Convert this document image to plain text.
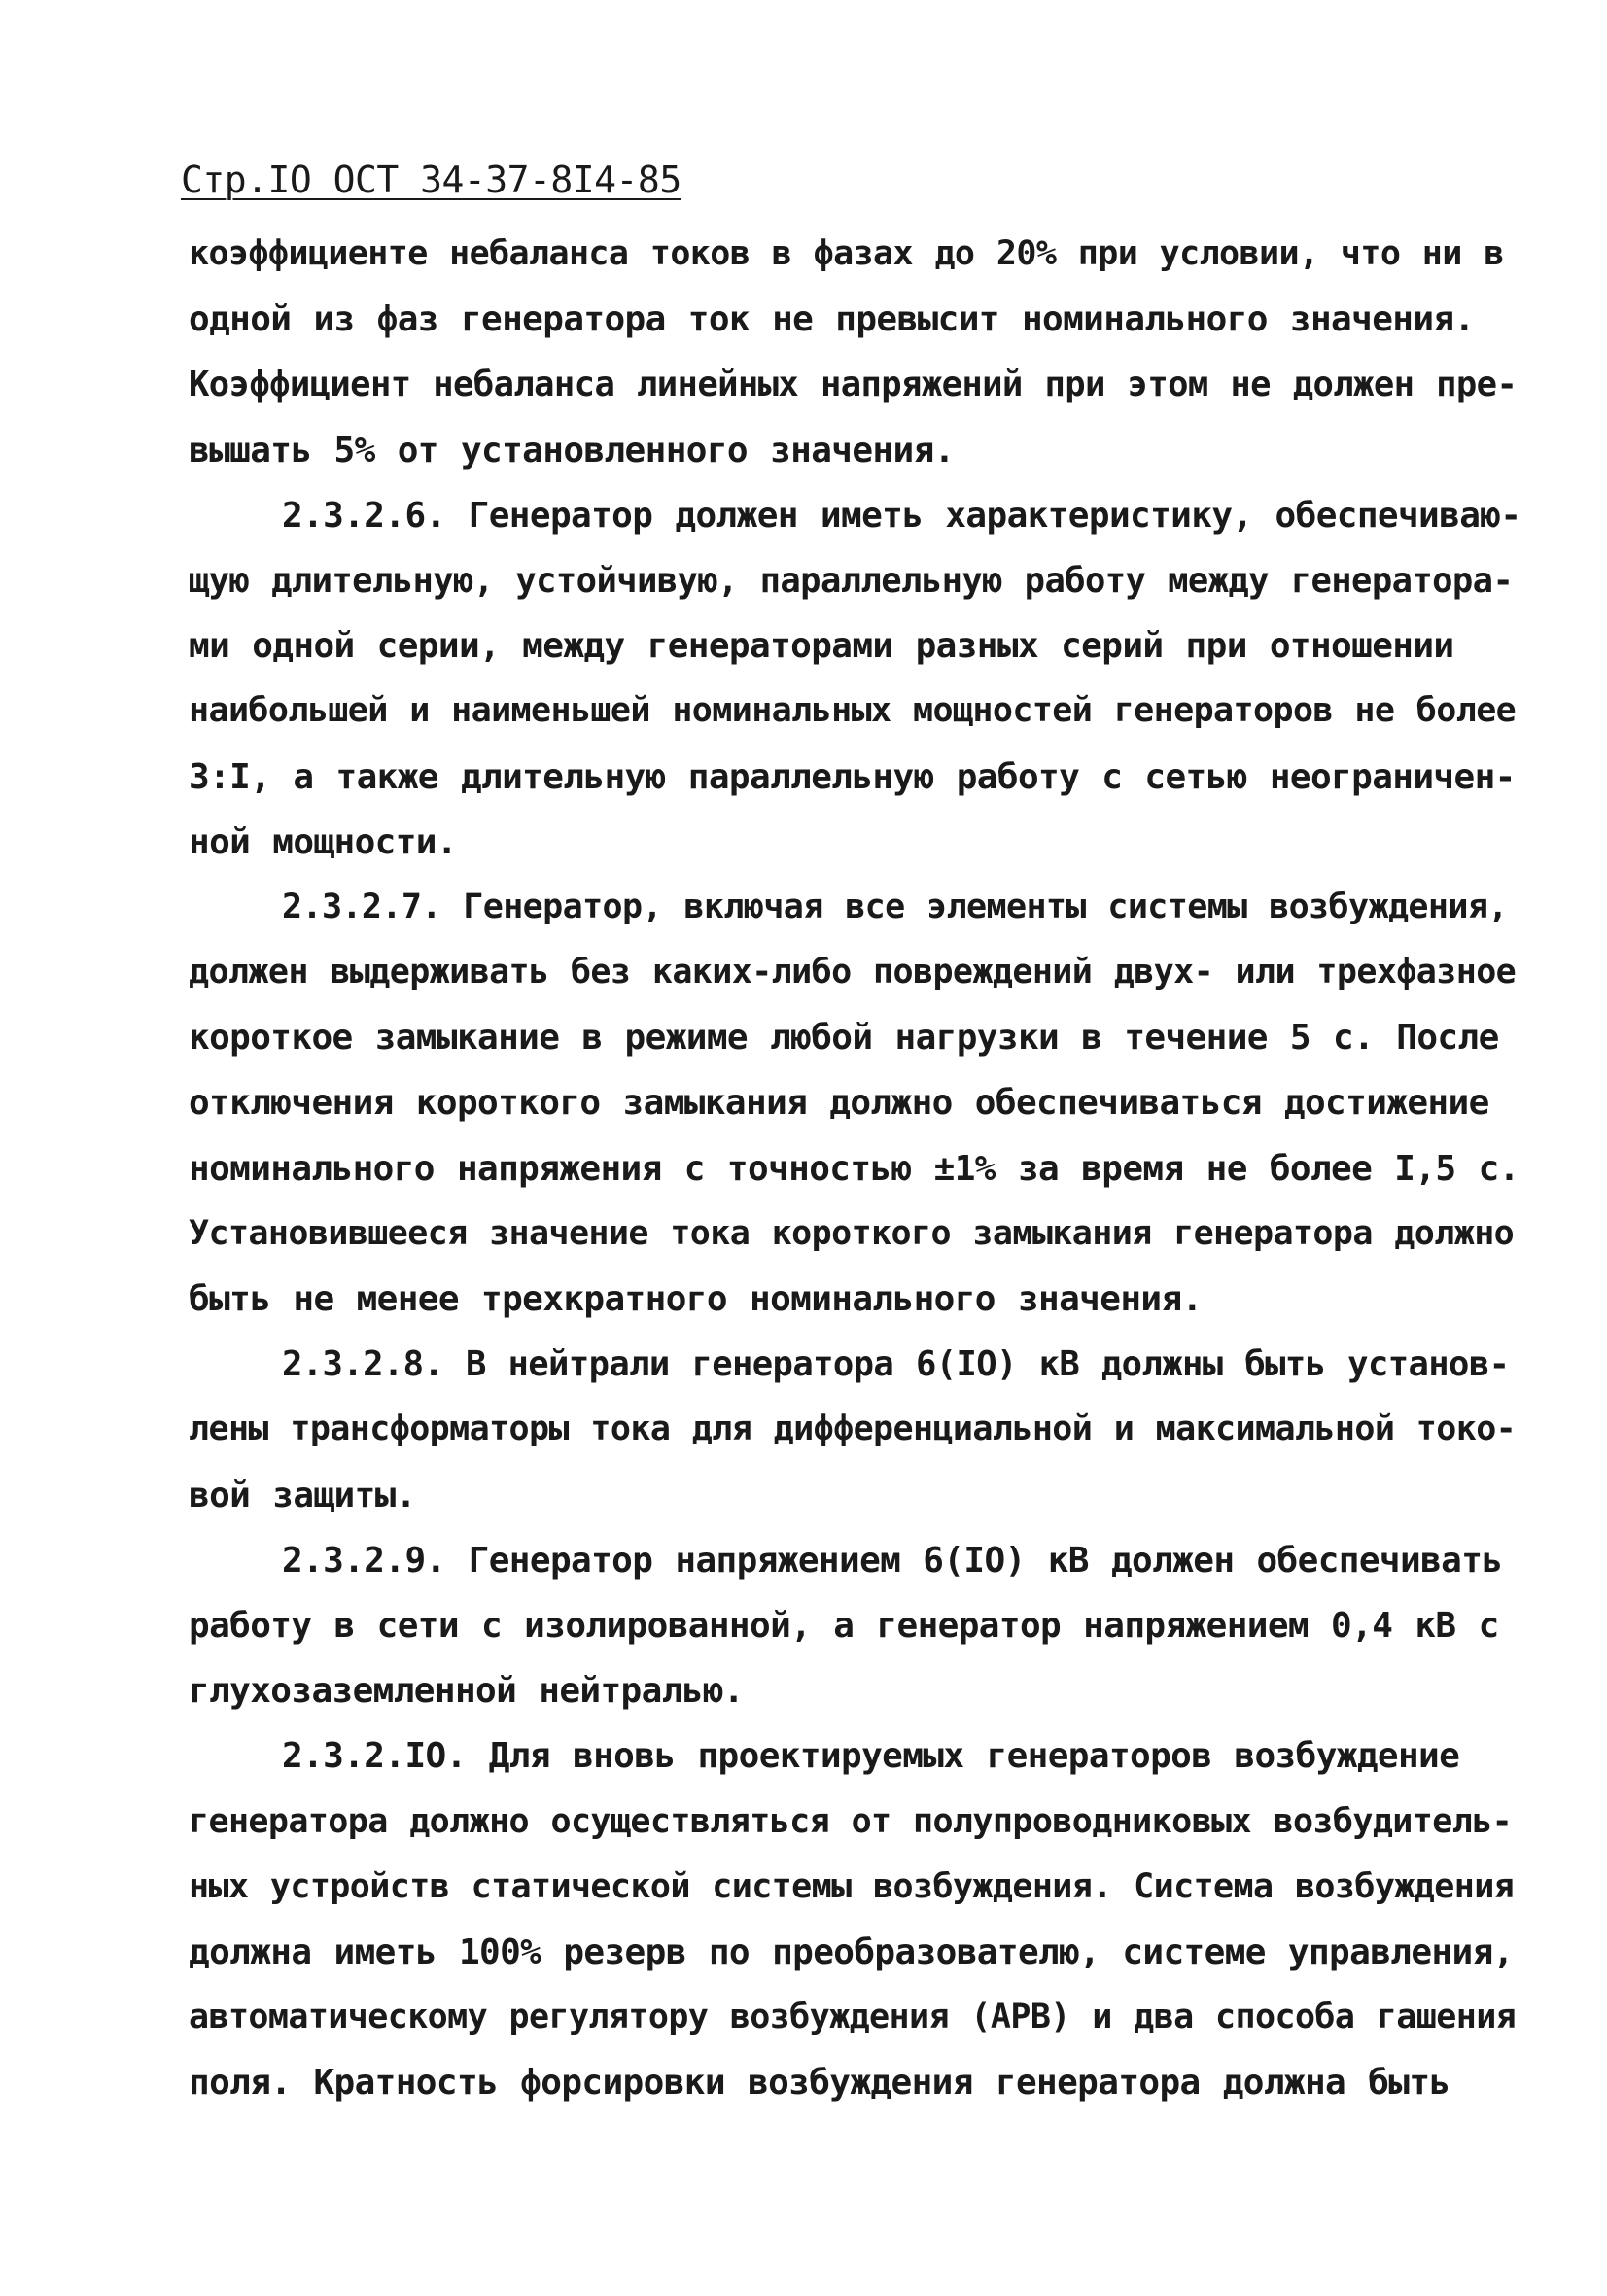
Стр.IO ОСТ 34-37-8I4-85
коэффициенте небаланса токов в фазах до 20% при условии, что ни в
одной из фаз генератора ток не превысит номинального значения.
Коэффициент небаланса линейных напряжений при этом не должен пре-
вышать 5% от установленного значения.
2.3.2.6. Генератор должен иметь характеристику, обеспечиваю-
щую длительную, устойчивую, параллельную работу между генератора-
ми одной серии, между генераторами разных серий при отношении
наибольшей и наименьшей номинальных мощностей генераторов не более
3:I, а также длительную параллельную работу с сетью неограничен-
ной мощности.
2.3.2.7. Генератор, включая все элементы системы возбуждения,
должен выдерживать без каких-либо повреждений двух- или трехфазное
короткое замыкание в режиме любой нагрузки в течение 5 с. После
отключения короткого замыкания должно обеспечиваться достижение
номинального напряжения с точностью ±1% за время не более I,5 с.
Установившееся значение тока короткого замыкания генератора должно
быть не менее трехкратного номинального значения.
2.3.2.8. В нейтрали генератора 6(IO) кВ должны быть установ-
лены трансформаторы тока для дифференциальной и максимальной токо-
вой защиты.
2.3.2.9. Генератор напряжением 6(IO) кВ должен обеспечивать
работу в сети с изолированной, а генератор напряжением 0,4 кВ с
глухозаземленной нейтралью.
2.3.2.IO. Для вновь проектируемых генераторов возбуждение
генератора должно осуществляться от полупроводниковых возбудитель-
ных устройств статической системы возбуждения. Система возбуждения
должна иметь 100% резерв по преобразователю, системе управления,
автоматическому регулятору возбуждения (АРВ) и два способа гашения
поля. Кратность форсировки возбуждения генератора должна быть
